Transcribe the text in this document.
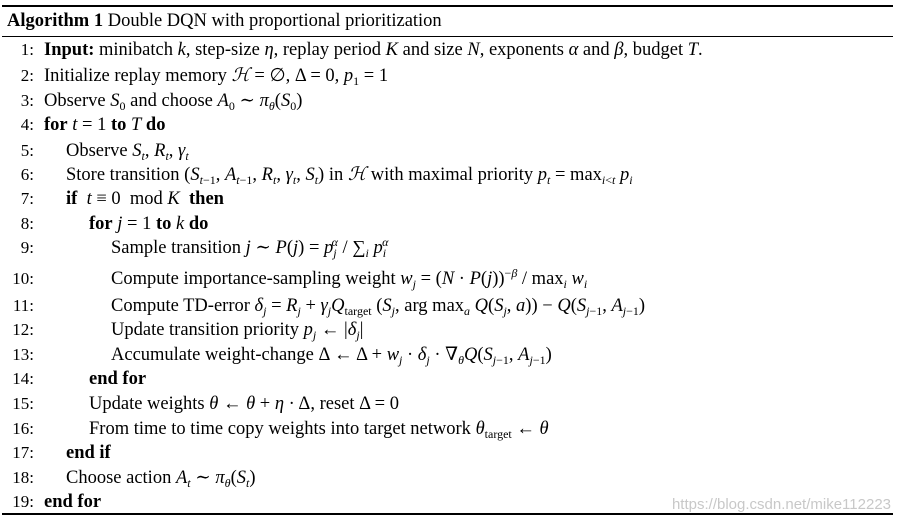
Algorithm 1 Double DQN with proportional prioritization
1: Input: minibatch k, step-size η, replay period K and size N, exponents α and β, budget T.
2: Initialize replay memory ℋ = ∅, Δ = 0, $p_1 = 1$
3: Observe $S_0$ and choose $A_0$ ∼ $\pi_\theta(S_0)$
4: for t = 1 to T do
5: Observe $S_t$, $R_t$, $\gamma_t$
6: Store transition ($S_{t-1}$, $A_{t-1}$, $R_t$, $\gamma_t$, $S_t$) in ℋ with maximal priority $p_t = \max_{i<t} p_i$
7: if t ≡ 0  mod K then
8:	for j = 1 to k do
9:	Sample transition j ∼ $P(j) = p_j^\alpha / \sum_i$ $p_i^\alpha$
10:	Compute importance-sampling weight $w_j = (N \cdot P(j))^{-\beta} / \max_i w_i$
11:	Compute TD-error $\delta_j = R_j + \gamma_jQ_{target}$ ($S_j$, arg $\max_a Q(S_j$, $a)) - Q(S_{j-1}$, $A_{j-1}$)
12:	Update transition priority $p_j$ ← $|\delta_j|$
13:	Accumulate weight-change Δ ← $\Delta + w_j \cdot \delta_j \cdot \nabla_\theta Q(S_{j-1}$, $A_{j-1}$)
14:	end for
15:	Update weights θ ← θ + η · Δ, reset Δ = 0
16:	From time to time copy weights into target network $\theta_{target}$ ← θ
17: end if
18: Choose action $A_t$ ∼ $\pi_\theta(S_t)$
19: end for	https://blog.csdn.net/mike112223
